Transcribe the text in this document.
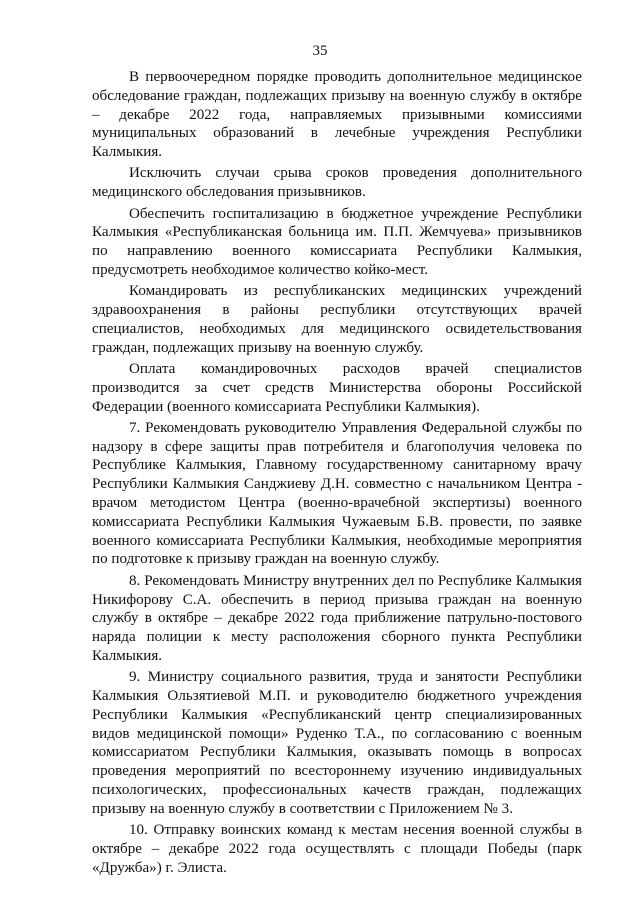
35

В первоочередном порядке проводить дополнительное медицинское обследование граждан, подлежащих призыву на военную службу в октябре – декабре 2022 года, направляемых призывными комиссиями муниципальных образований в лечебные учреждения Республики Калмыкия.

Исключить случаи срыва сроков проведения дополнительного медицинского обследования призывников.

Обеспечить госпитализацию в бюджетное учреждение Республики Калмыкия «Республиканская больница им. П.П. Жемчуева» призывников по направлению военного комиссариата Республики Калмыкия, предусмотреть необходимое количество койко-мест.

Командировать из республиканских медицинских учреждений здравоохранения в районы республики отсутствующих врачей специалистов, необходимых для медицинского освидетельствования граждан, подлежащих призыву на военную службу.

Оплата командировочных расходов врачей специалистов производится за счет средств Министерства обороны Российской Федерации (военного комиссариата Республики Калмыкия).

7. Рекомендовать руководителю Управления Федеральной службы по надзору в сфере защиты прав потребителя и благополучия человека по Республике Калмыкия, Главному государственному санитарному врачу Республики Калмыкия Санджиеву Д.Н. совместно с начальником Центра - врачом методистом Центра (военно-врачебной экспертизы) военного комиссариата Республики Калмыкия Чужаевым Б.В. провести, по заявке военного комиссариата Республики Калмыкия, необходимые мероприятия по подготовке к призыву граждан на военную службу.

8. Рекомендовать Министру внутренних дел по Республике Калмыкия Никифорову С.А. обеспечить в период призыва граждан на военную службу в октябре – декабре 2022 года приближение патрульно-постового наряда полиции к месту расположения сборного пункта Республики Калмыкия.

9. Министру социального развития, труда и занятости Республики Калмыкия Ользятиевой М.П. и руководителю бюджетного учреждения Республики Калмыкия «Республиканский центр специализированных видов медицинской помощи» Руденко Т.А., по согласованию с военным комиссариатом Республики Калмыкия, оказывать помощь в вопросах проведения мероприятий по всестороннему изучению индивидуальных психологических, профессиональных качеств граждан, подлежащих призыву на военную службу в соответствии с Приложением № 3.

10. Отправку воинских команд к местам несения военной службы в октябре – декабре 2022 года осуществлять с площади Победы (парк «Дружба») г. Элиста.
